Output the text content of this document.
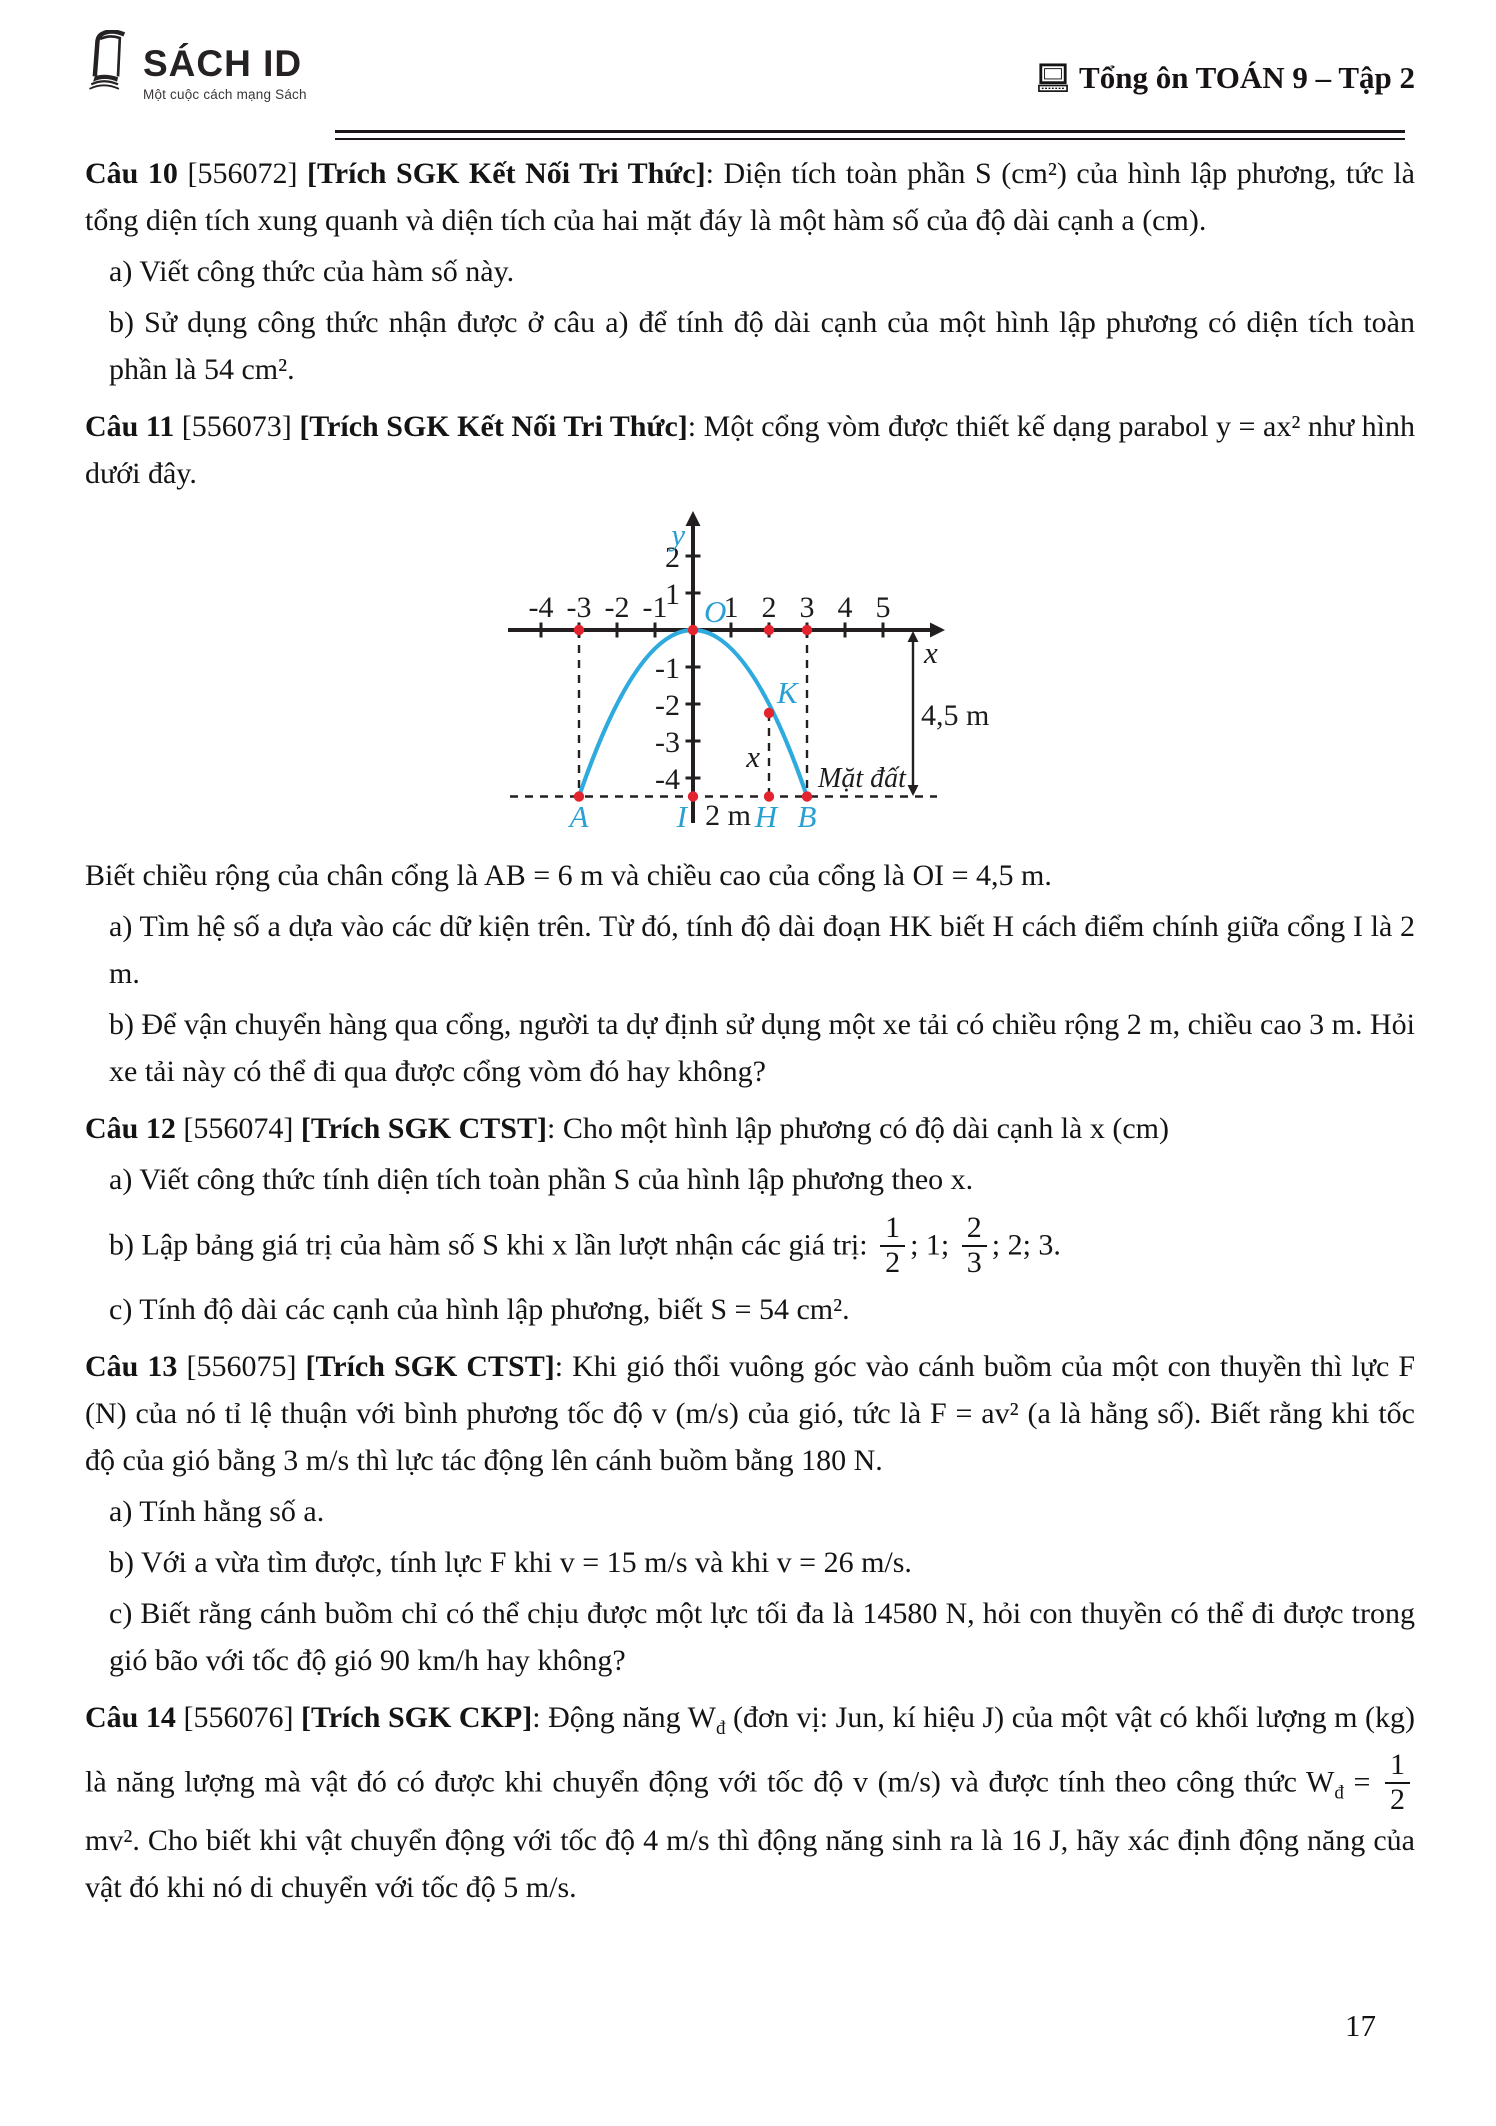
SÁCH ID
Một cuộc cách mạng Sách	Tổng ôn TOÁN 9 – Tập 2

Câu 10 [556072] [Trích SGK Kết Nối Tri Thức]: Diện tích toàn phần S (cm²) của hình lập phương, tức là tổng diện tích xung quanh và diện tích của hai mặt đáy là một hàm số của độ dài cạnh a (cm).

a) Viết công thức của hàm số này.

b) Sử dụng công thức nhận được ở câu a) để tính độ dài cạnh của một hình lập phương có diện tích toàn phần là 54 cm².

Câu 11 [556073] [Trích SGK Kết Nối Tri Thức]: Một cổng vòm được thiết kế dạng parabol y = ax² như hình dưới đây.

-4 -3 -2 -1 1 2 3 4 5
2
1
-1
-2
-3
-4
y
x
O
K
A	I H B
2 m
x
Mặt đất
4,5 m

Biết chiều rộng của chân cổng là AB = 6 m và chiều cao của cổng là OI = 4,5 m.

a) Tìm hệ số a dựa vào các dữ kiện trên. Từ đó, tính độ dài đoạn HK biết H cách điểm chính giữa cổng I là 2 m.

b) Để vận chuyển hàng qua cổng, người ta dự định sử dụng một xe tải có chiều rộng 2 m, chiều cao 3 m. Hỏi xe tải này có thể đi qua được cổng vòm đó hay không?

Câu 12 [556074] [Trích SGK CTST]: Cho một hình lập phương có độ dài cạnh là x (cm)

a) Viết công thức tính diện tích toàn phần S của hình lập phương theo x.

b) Lập bảng giá trị của hàm số S khi x lần lượt nhận các giá trị: $\frac{1}{2}$ ; 1; $\frac{2}{3}$ ; 2; 3.

c) Tính độ dài các cạnh của hình lập phương, biết S = 54 cm².

Câu 13 [556075] [Trích SGK CTST]: Khi gió thổi vuông góc vào cánh buồm của một con thuyền thì lực F (N) của nó tỉ lệ thuận với bình phương tốc độ v (m/s) của gió, tức là F = av² (a là hằng số). Biết rằng khi tốc độ của gió bằng 3 m/s thì lực tác động lên cánh buồm bằng 180 N.

a) Tính hằng số a.

b) Với a vừa tìm được, tính lực F khi v = 15 m/s và khi v = 26 m/s.

c) Biết rằng cánh buồm chỉ có thể chịu được một lực tối đa là 14580 N, hỏi con thuyền có thể đi được trong gió bão với tốc độ gió 90 km/h hay không?

Câu 14 [556076] [Trích SGK CKP]: Động năng $W_đ$ (đơn vị: Jun, kí hiệu J) của một vật có khối lượng m (kg) là năng lượng mà vật đó có được khi chuyển động với tốc độ v (m/s) và được tính theo công thức $W_đ = \frac{1}{2}$
mv². Cho biết khi vật chuyển động với tốc độ 4 m/s thì động năng sinh ra là 16 J, hãy xác định động năng của vật đó khi nó di chuyển với tốc độ 5 m/s.

17
